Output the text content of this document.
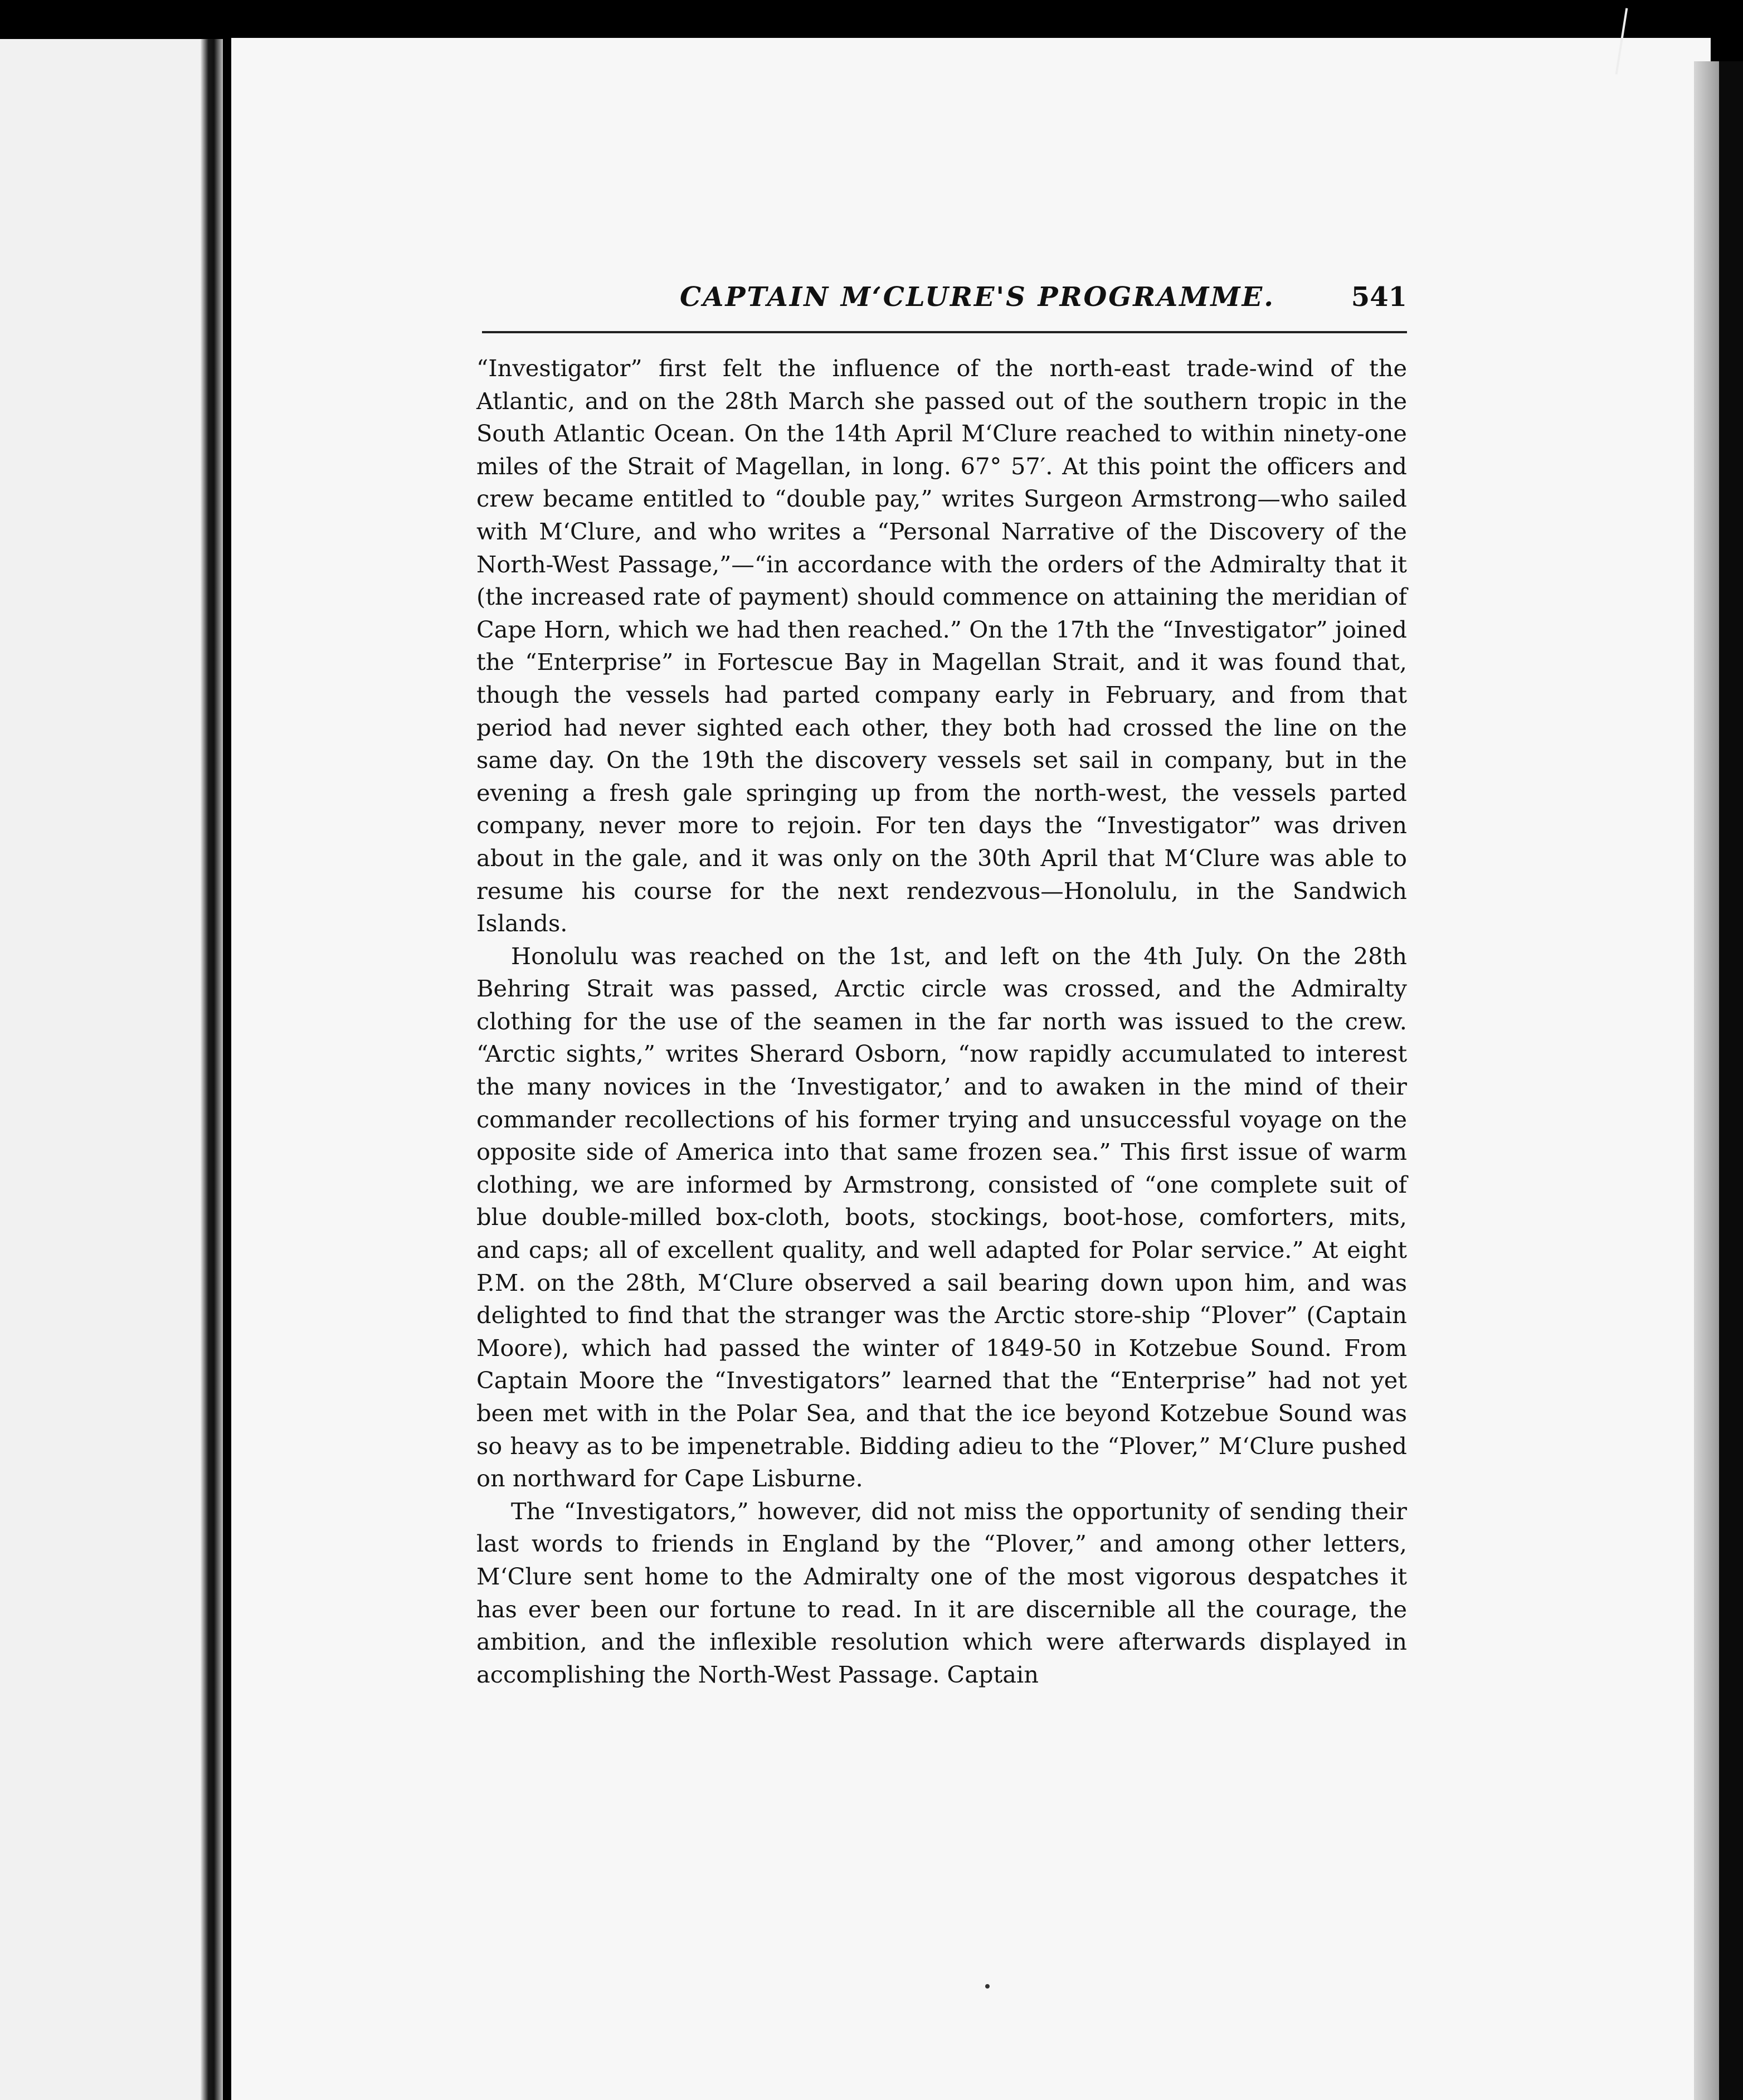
CAPTAIN M‘CLURE'S PROGRAMME.	541

“Investigator” first felt the influence of the north-east trade-wind of the Atlantic, and on the 28th March she passed out of the southern tropic in the South Atlantic Ocean. On the 14th April M‘Clure reached to within ninety-one miles of the Strait of Magellan, in long. 67° 57′. At this point the officers and crew became entitled to “double pay,” writes Surgeon Armstrong—who sailed with M‘Clure, and who writes a “Personal Narrative of the Discovery of the North-West Passage,”—“in accordance with the orders of the Admiralty that it (the increased rate of payment) should commence on attaining the meridian of Cape Horn, which we had then reached.” On the 17th the “Investigator” joined the “Enterprise” in Fortescue Bay in Magellan Strait, and it was found that, though the vessels had parted company early in February, and from that period had never sighted each other, they both had crossed the line on the same day. On the 19th the discovery vessels set sail in company, but in the evening a fresh gale springing up from the north-west, the vessels parted company, never more to rejoin. For ten days the “Investigator” was driven about in the gale, and it was only on the 30th April that M‘Clure was able to resume his course for the next rendezvous—Honolulu, in the Sandwich Islands.

Honolulu was reached on the 1st, and left on the 4th July. On the 28th Behring Strait was passed, Arctic circle was crossed, and the Admiralty clothing for the use of the seamen in the far north was issued to the crew. “Arctic sights,” writes Sherard Osborn, “now rapidly accumulated to interest the many novices in the ‘Investigator,’ and to awaken in the mind of their commander recollections of his former trying and unsuccessful voyage on the opposite side of America into that same frozen sea.” This first issue of warm clothing, we are informed by Armstrong, consisted of “one complete suit of blue double-milled box-cloth, boots, stockings, boot-hose, comforters, mits, and caps; all of excellent quality, and well adapted for Polar service.” At eight P.M. on the 28th, M‘Clure observed a sail bearing down upon him, and was delighted to find that the stranger was the Arctic store-ship “Plover” (Captain Moore), which had passed the winter of 1849-50 in Kotzebue Sound. From Captain Moore the “Investigators” learned that the “Enterprise” had not yet been met with in the Polar Sea, and that the ice beyond Kotzebue Sound was so heavy as to be impenetrable. Bidding adieu to the “Plover,” M‘Clure pushed on northward for Cape Lisburne.

The “Investigators,” however, did not miss the opportunity of sending their last words to friends in England by the “Plover,” and among other letters, M‘Clure sent home to the Admiralty one of the most vigorous despatches it has ever been our fortune to read. In it are discernible all the courage, the ambition, and the inflexible resolution which were afterwards displayed in accomplishing the North-West Passage. Captain
